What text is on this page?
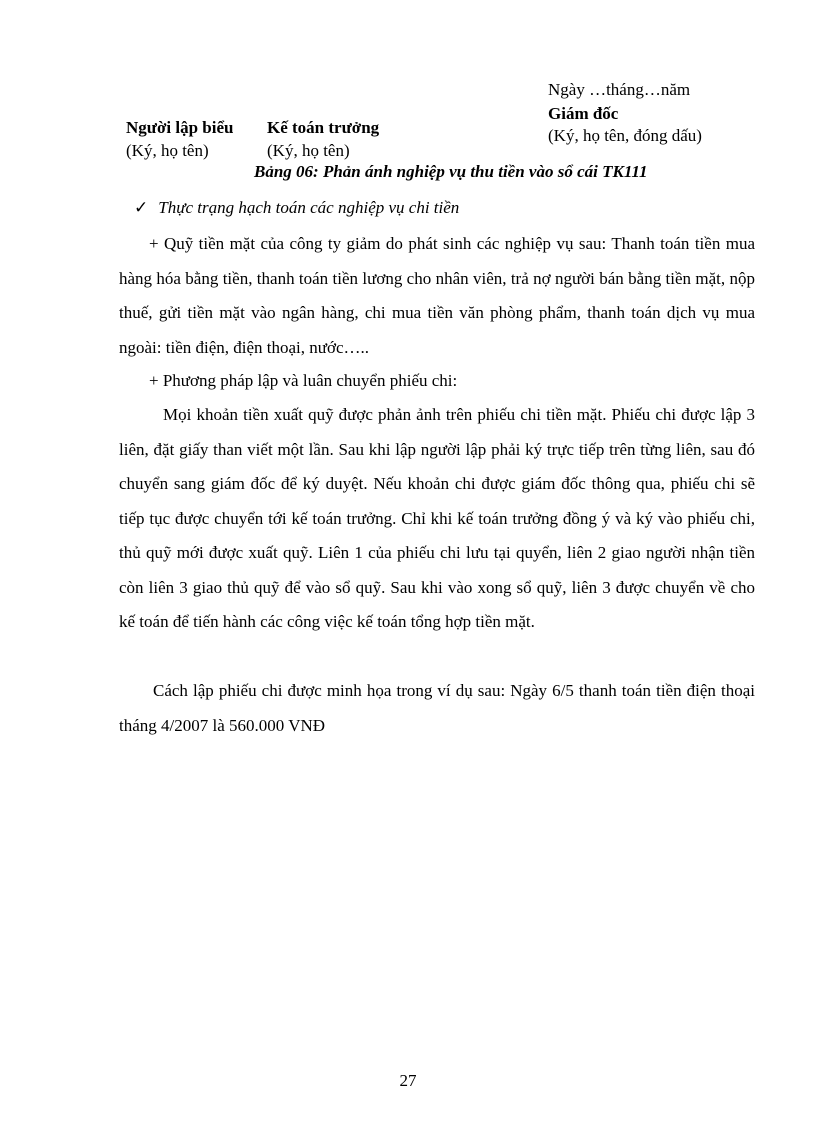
Ngày …tháng…năm
Người lập biểu
(Ký, họ tên)
Kế toán trưởng
(Ký, họ tên)
Giám đốc
(Ký, họ tên, đóng dấu)
Bảng 06: Phản ánh nghiệp vụ thu tiền vào sổ cái TK111
✓ Thực trạng hạch toán các nghiệp vụ chi tiền

+ Quỹ tiền mặt của công ty giảm do phát sinh các nghiệp vụ sau: Thanh toán tiền mua hàng hóa bằng tiền, thanh toán tiền lương cho nhân viên, trả nợ người bán bằng tiền mặt, nộp thuế, gửi tiền mặt vào ngân hàng, chi mua tiền văn phòng phẩm, thanh toán dịch vụ mua ngoài: tiền điện, điện thoại, nước…..

+ Phương pháp lập và luân chuyển phiếu chi:

Mọi khoản tiền xuất quỹ được phản ảnh trên phiếu chi tiền mặt. Phiếu chi được lập 3 liên, đặt giấy than viết một lần. Sau khi lập người lập phải ký trực tiếp trên từng liên, sau đó chuyển sang giám đốc để ký duyệt. Nếu khoản chi được giám đốc thông qua, phiếu chi sẽ tiếp tục được chuyển tới kế toán trưởng. Chỉ khi kế toán trưởng đồng ý và ký vào phiếu chi, thủ quỹ mới được xuất quỹ. Liên 1 của phiếu chi lưu tại quyển, liên 2 giao người nhận tiền còn liên 3 giao thủ quỹ để vào sổ quỹ. Sau khi vào xong sổ quỹ, liên 3 được chuyển về cho kế toán để tiến hành các công việc kế toán tổng hợp tiền mặt.

Cách lập phiếu chi được minh họa trong ví dụ sau: Ngày 6/5 thanh toán tiền điện thoại tháng 4/2007 là 560.000 VNĐ

27
